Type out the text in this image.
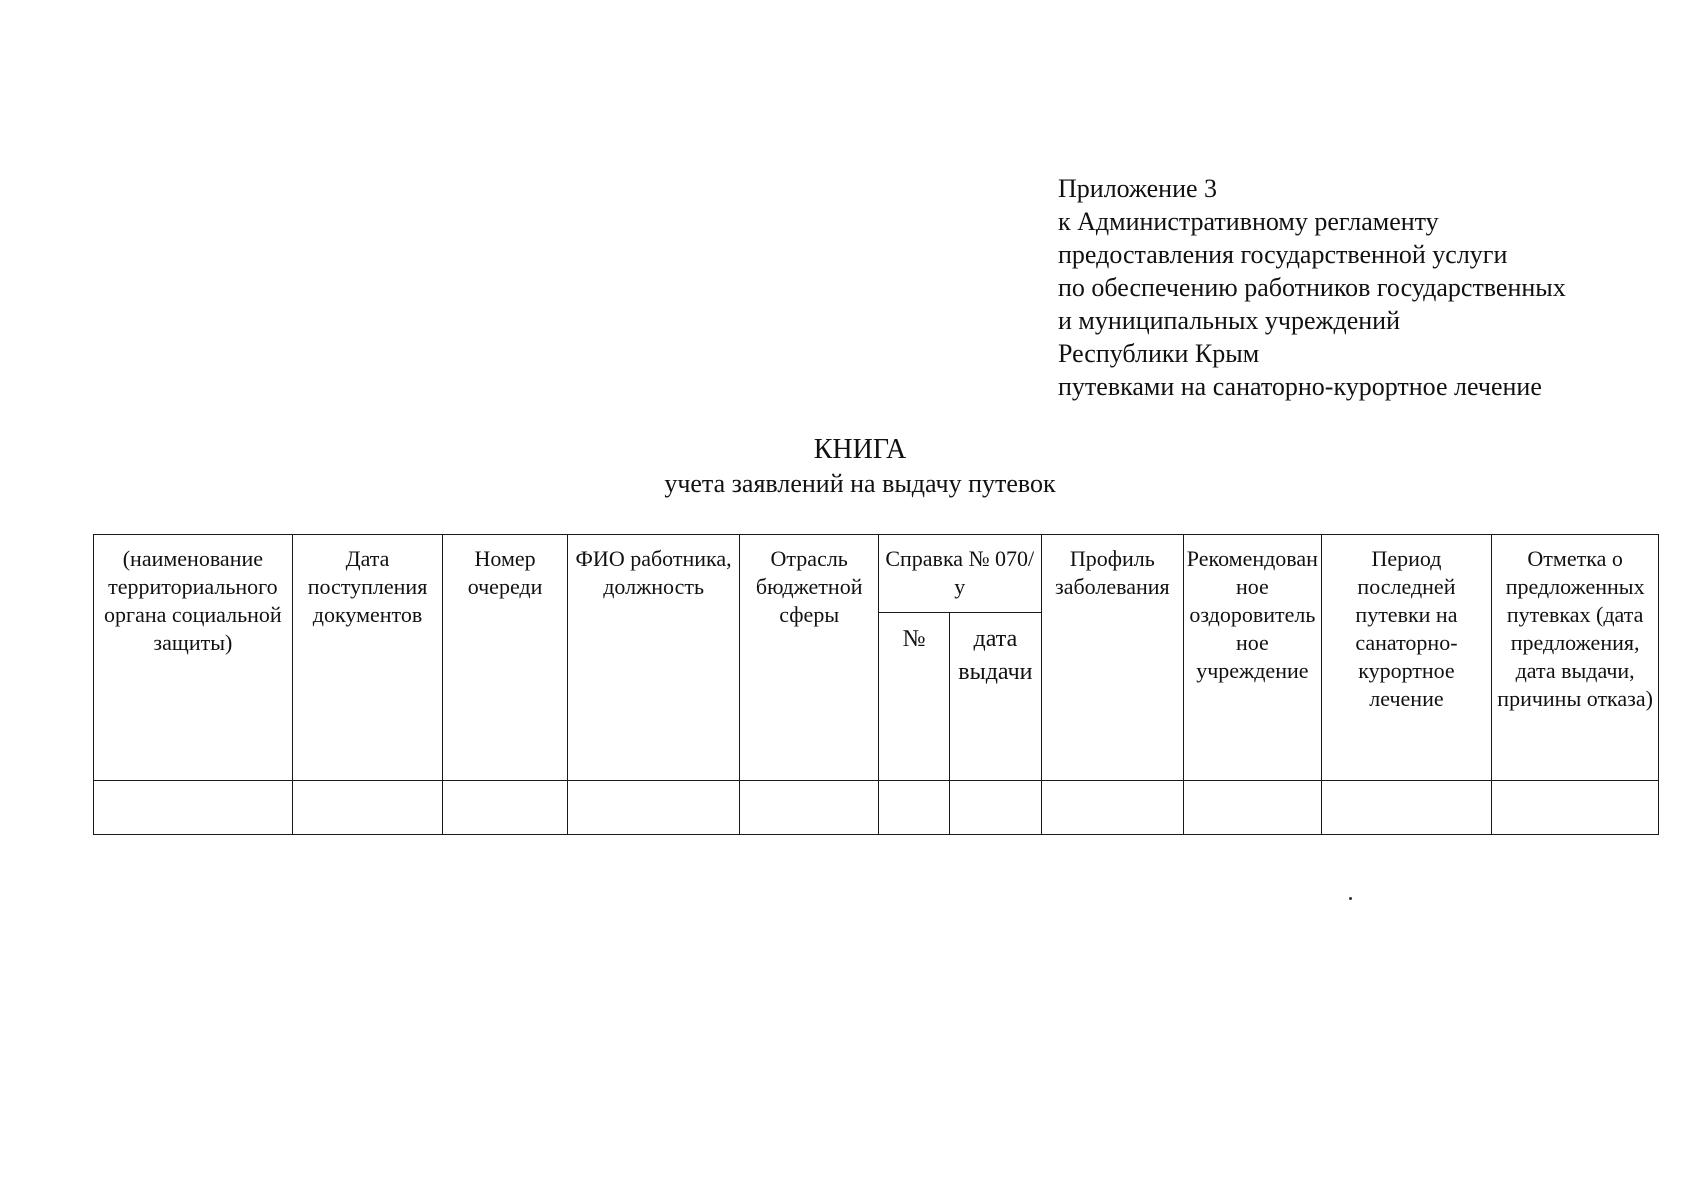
Приложение 3
к Административному регламенту
предоставления государственной услуги
по обеспечению работников государственных
и муниципальных учреждений
Республики Крым
путевками на санаторно-курортное лечение
КНИГА
учета заявлений на выдачу путевок
(наименование территориального органа социальной защиты)	Дата поступления документов	Номер очереди	ФИО работника, должность	Отрасль бюджетной сферы	Справка № 070/у		Профиль заболевания	Рекомендованное оздоровительное учреждение	Период последней путевки на санаторно-курортное лечение	Отметка о предложенных путевках (дата предложения, дата выдачи, причины отказа)
					№	дата выдачи				
